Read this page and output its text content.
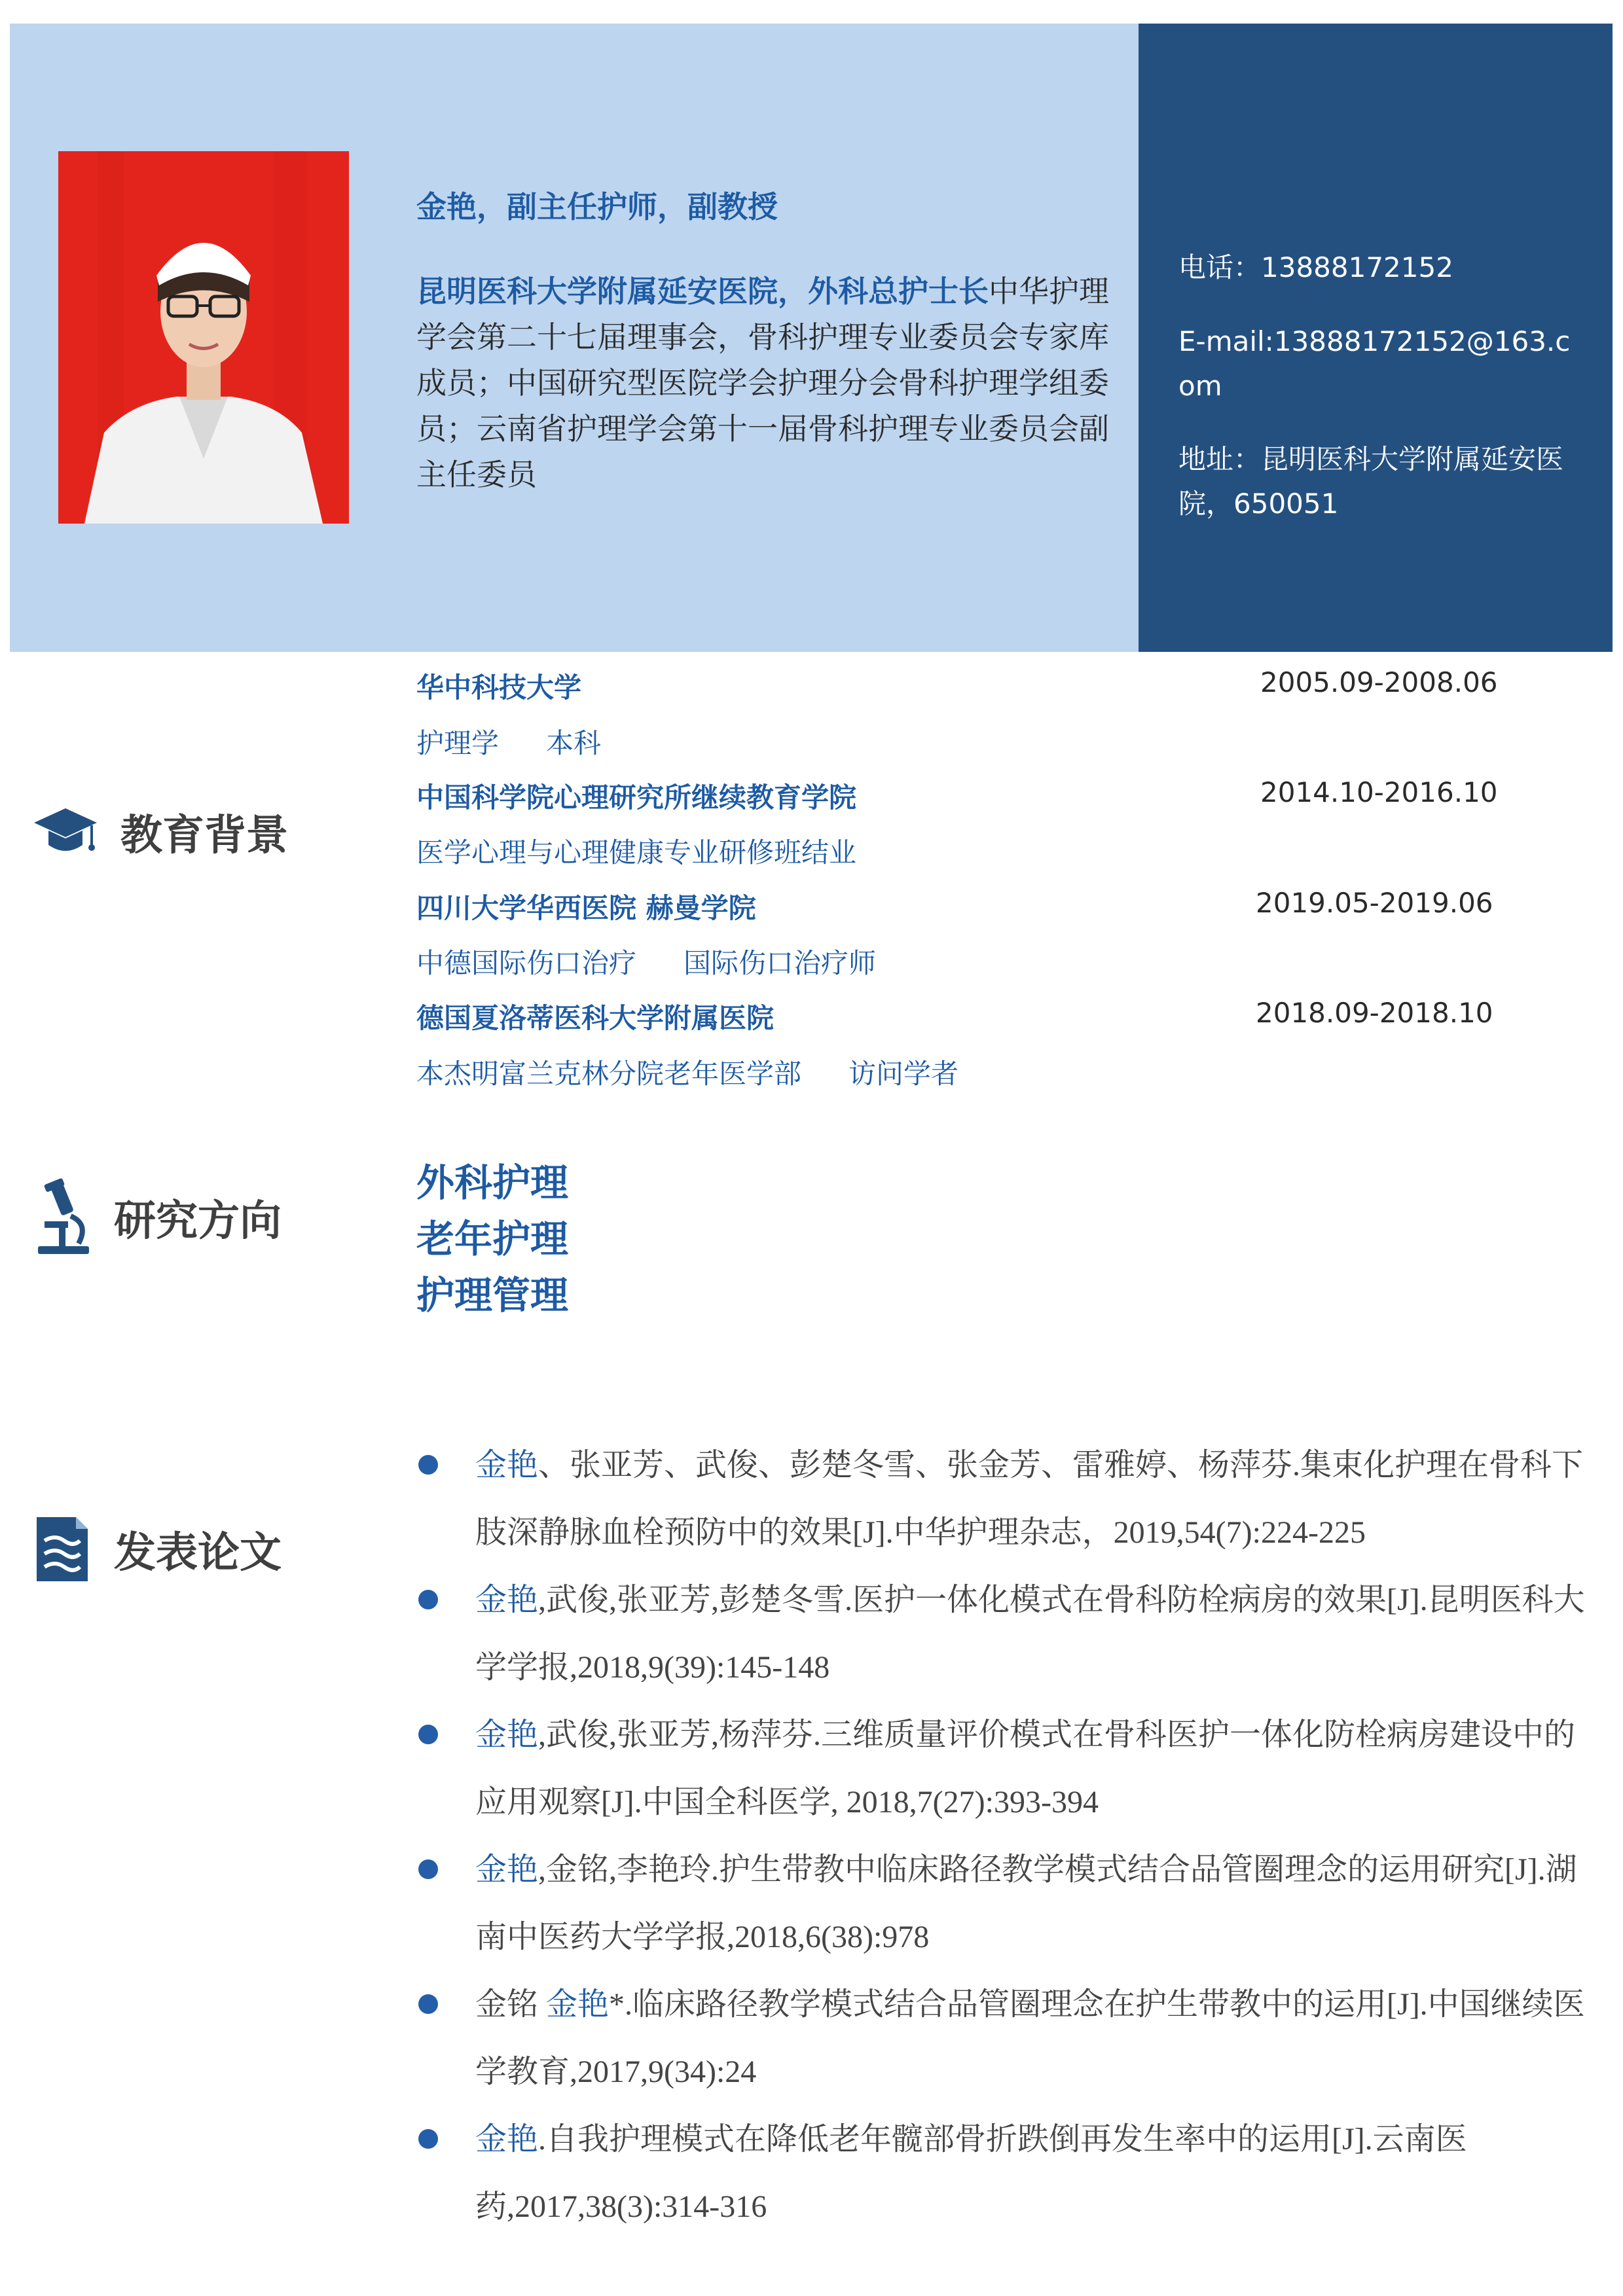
金艳，副主任护师，副教授
昆明医科大学附属延安医院，外科总护士长中华护理学会第二十七届理事会，骨科护理专业委员会专家库成员；中国研究型医院学会护理分会骨科护理学组委员；云南省护理学会第十一届骨科护理专业委员会副主任委员
电话：13888172152
E-mail:13888172152@163.com
地址：昆明医科大学附属延安医院，650051
教育背景
华中科技大学	2005.09-2008.06
护理学 本科
中国科学院心理研究所继续教育学院	2014.10-2016.10
医学心理与心理健康专业研修班结业
四川大学华西医院 赫曼学院	2019.05-2019.06
中德国际伤口治疗 国际伤口治疗师
德国夏洛蒂医科大学附属医院	2018.09-2018.10
本杰明富兰克林分院老年医学部 访问学者
研究方向
外科护理
老年护理
护理管理
发表论文
金艳、张亚芳、武俊、彭楚冬雪、张金芳、雷雅婷、杨萍芬.集束化护理在骨科下肢深静脉血栓预防中的效果[J].中华护理杂志，2019,54(7):224-225
金艳,武俊,张亚芳,彭楚冬雪.医护一体化模式在骨科防栓病房的效果[J].昆明医科大学学报,2018,9(39):145-148
金艳,武俊,张亚芳,杨萍芬.三维质量评价模式在骨科医护一体化防栓病房建设中的应用观察[J].中国全科医学, 2018,7(27):393-394
金艳,金铭,李艳玲.护生带教中临床路径教学模式结合品管圈理念的运用研究[J].湖南中医药大学学报,2018,6(38):978
金铭 金艳*.临床路径教学模式结合品管圈理念在护生带教中的运用[J].中国继续医学教育,2017,9(34):24
金艳.自我护理模式在降低老年髋部骨折跌倒再发生率中的运用[J].云南医药,2017,38(3):314-316
